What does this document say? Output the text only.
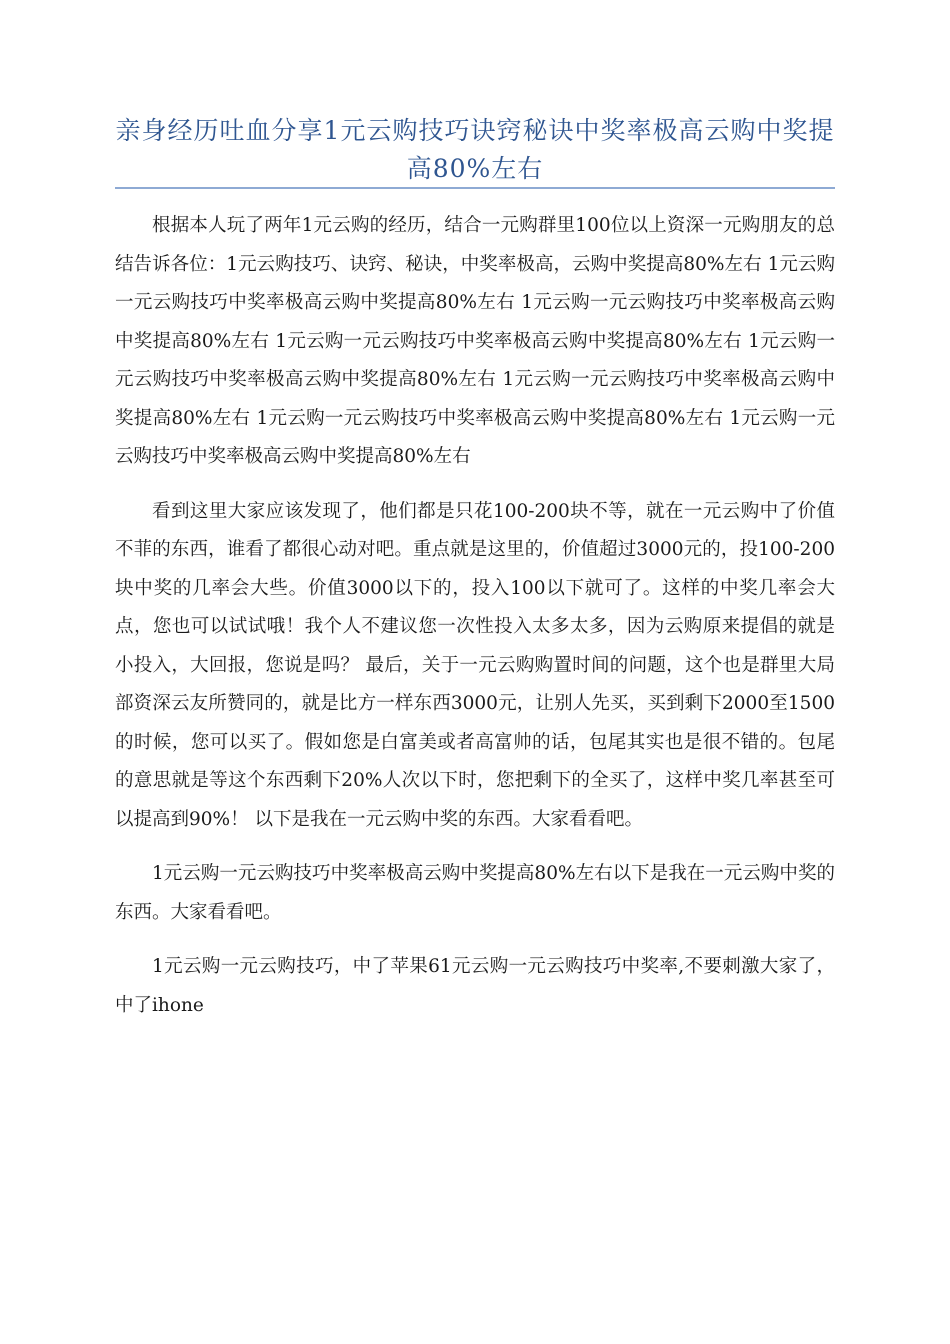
亲身经历吐血分享1元云购技巧诀窍秘诀中奖率极高云购中奖提高80%左右

根据本人玩了两年1元云购的经历，结合一元购群里100位以上资深一元购朋友的总结告诉各位：1元云购技巧、诀窍、秘诀，中奖率极高，云购中奖提高80%左右 1元云购一元云购技巧中奖率极高云购中奖提高80%左右 1元云购一元云购技巧中奖率极高云购中奖提高80%左右 1元云购一元云购技巧中奖率极高云购中奖提高80%左右 1元云购一元云购技巧中奖率极高云购中奖提高80%左右 1元云购一元云购技巧中奖率极高云购中奖提高80%左右 1元云购一元云购技巧中奖率极高云购中奖提高80%左右 1元云购一元云购技巧中奖率极高云购中奖提高80%左右

看到这里大家应该发现了，他们都是只花100-200块不等，就在一元云购中了价值不菲的东西，谁看了都很心动对吧。重点就是这里的，价值超过3000元的，投100-200块中奖的几率会大些。价值3000以下的，投入100以下就可了。这样的中奖几率会大点，您也可以试试哦！我个人不建议您一次性投入太多太多，因为云购原来提倡的就是小投入，大回报，您说是吗？ 最后，关于一元云购购置时间的问题，这个也是群里大局部资深云友所赞同的，就是比方一样东西3000元，让别人先买，买到剩下2000至1500的时候，您可以买了。假如您是白富美或者高富帅的话，包尾其实也是很不错的。包尾的意思就是等这个东西剩下20%人次以下时，您把剩下的全买了，这样中奖几率甚至可以提高到90%！ 以下是我在一元云购中奖的东西。大家看看吧。

1元云购一元云购技巧中奖率极高云购中奖提高80%左右以下是我在一元云购中奖的东西。大家看看吧。

1元云购一元云购技巧，中了苹果61元云购一元云购技巧中奖率,不要刺激大家了，中了ihone
